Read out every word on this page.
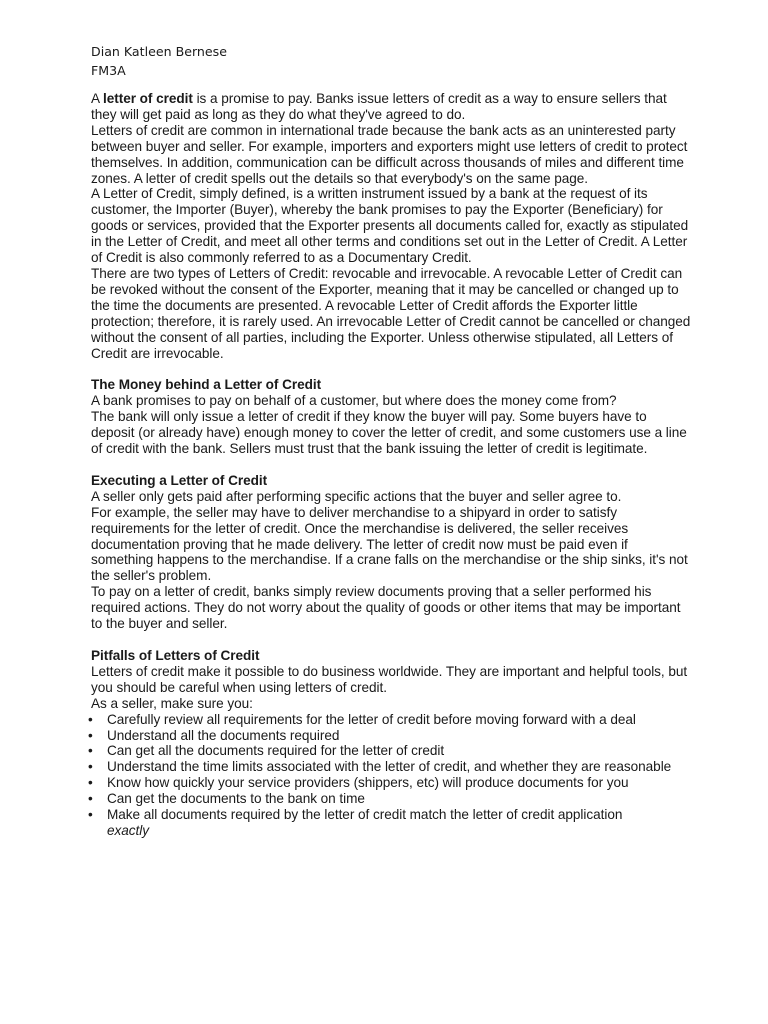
Dian Katleen Bernese

FM3A

A letter of credit is a promise to pay. Banks issue letters of credit as a way to ensure sellers that they will get paid as long as they do what they've agreed to do.

Letters of credit are common in international trade because the bank acts as an uninterested party between buyer and seller. For example, importers and exporters might use letters of credit to protect themselves. In addition, communication can be difficult across thousands of miles and different time zones. A letter of credit spells out the details so that everybody's on the same page.

A Letter of Credit, simply defined, is a written instrument issued by a bank at the request of its customer, the Importer (Buyer), whereby the bank promises to pay the Exporter (Beneficiary) for goods or services, provided that the Exporter presents all documents called for, exactly as stipulated in the Letter of Credit, and meet all other terms and conditions set out in the Letter of Credit. A Letter of Credit is also commonly referred to as a Documentary Credit.

There are two types of Letters of Credit: revocable and irrevocable. A revocable Letter of Credit can be revoked without the consent of the Exporter, meaning that it may be cancelled or changed up to the time the documents are presented. A revocable Letter of Credit affords the Exporter little protection; therefore, it is rarely used. An irrevocable Letter of Credit cannot be cancelled or changed without the consent of all parties, including the Exporter. Unless otherwise stipulated, all Letters of Credit are irrevocable.

The Money behind a Letter of Credit

A bank promises to pay on behalf of a customer, but where does the money come from?

The bank will only issue a letter of credit if they know the buyer will pay. Some buyers have to deposit (or already have) enough money to cover the letter of credit, and some customers use a line of credit with the bank. Sellers must trust that the bank issuing the letter of credit is legitimate.

Executing a Letter of Credit

A seller only gets paid after performing specific actions that the buyer and seller agree to.

For example, the seller may have to deliver merchandise to a shipyard in order to satisfy requirements for the letter of credit. Once the merchandise is delivered, the seller receives documentation proving that he made delivery. The letter of credit now must be paid even if something happens to the merchandise. If a crane falls on the merchandise or the ship sinks, it's not the seller's problem.

To pay on a letter of credit, banks simply review documents proving that a seller performed his required actions. They do not worry about the quality of goods or other items that may be important to the buyer and seller.

Pitfalls of Letters of Credit

Letters of credit make it possible to do business worldwide. They are important and helpful tools, but you should be careful when using letters of credit.

As a seller, make sure you:

• Carefully review all requirements for the letter of credit before moving forward with a deal
• Understand all the documents required
• Can get all the documents required for the letter of credit
• Understand the time limits associated with the letter of credit, and whether they are reasonable
• Know how quickly your service providers (shippers, etc) will produce documents for you
• Can get the documents to the bank on time
• Make all documents required by the letter of credit match the letter of credit application
exactly
